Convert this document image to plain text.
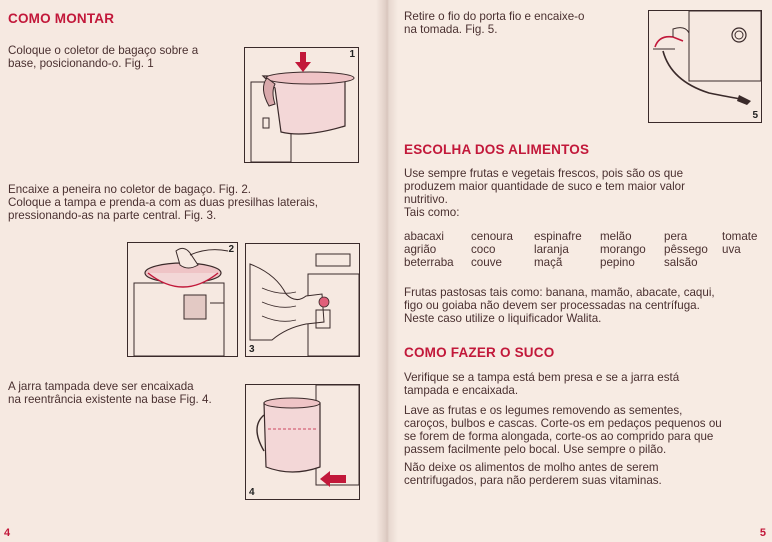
COMO MONTAR
Coloque o coletor de bagaço sobre a
base, posicionando-o. Fig. 1
1
Encaixe a peneira no coletor de bagaço. Fig. 2.
Coloque a tampa e prenda-a com as duas presilhas laterais,
pressionando-as na parte central. Fig. 3.
2
3
A jarra tampada deve ser encaixada
na reentrância existente na base Fig. 4.
4
4
Retire o fio do porta fio e encaixe-o
na tomada. Fig. 5.
5
ESCOLHA DOS ALIMENTOS
Use sempre frutas e vegetais frescos, pois são os que
produzem maior quantidade de suco e tem maior valor
nutritivo.
Tais como:
abacaxi	cenoura	espinafre	melão	pera	tomate
agrião	coco	laranja	morango	pêssego	uva
beterraba	couve	maçã	pepino	salsão	
Frutas pastosas tais como: banana, mamão, abacate, caqui,
figo ou goiaba não devem ser processadas na centrífuga.
Neste caso utilize o liquificador Walita.
COMO FAZER O SUCO
Verifique se a tampa está bem presa e se a jarra está
tampada e encaixada.
Lave as frutas e os legumes removendo as sementes,
caroços, bulbos e cascas. Corte-os em pedaços pequenos ou
se forem de forma alongada, corte-os ao comprido para que
passem facilmente pelo bocal. Use sempre o pilão.
Não deixe os alimentos de molho antes de serem
centrifugados, para não perderem suas vitaminas.
5
